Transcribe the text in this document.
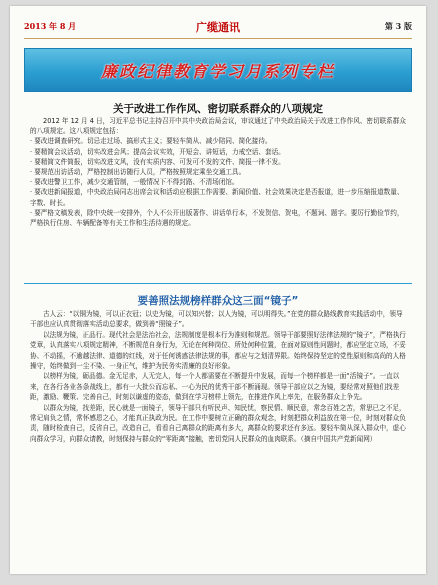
2013 年 8 月	广缆通讯	第 3 版
廉政纪律教育学习月系列专栏
关于改进工作作风、密切联系群众的八项规定

2012 年 12 月 4 日，习近平总书记主持召开中共中央政治局会议，审议通过了中央政治局关于改进工作作风、密切联系群众的八项规定。这八项规定包括：

· 要改进调查研究。切忌走过场、搞形式主义；要轻车简从、减少陪同、简化接待。

· 要精简会议活动，切实改进会风；提高会议实效，开短会、讲短话，力戒空话、套话。

· 要精简文件简报，切实改进文风，没有实质内容、可发可不发的文件、简报一律不发。

· 要规范出访活动，严格控制出访随行人员，严格按照规定乘坐交通工具。

· 要改进警卫工作，减少交通管制，一般情况下不得封路、不清场闭馆。

· 要改进新闻报道，中央政治局同志出席会议和活动应根据工作需要、新闻价值、社会效果决定是否报道，进一步压缩报道数量、字数、时长。

· 要严格文稿发表，除中央统一安排外，个人不公开出版著作、讲话单行本，不发贺信、贺电，不题词、题字。要厉行勤俭节约，严格执行住房、车辆配备等有关工作和生活待遇的规定。

要善照法规榜样群众这三面“镜子”

古人云：“以铜为镜，可以正衣冠；以史为镜，可以知兴替；以人为镜，可以明得失。”在党的群众路线教育实践活动中，领导干部也应认真贯彻落实活动总要求，做到善“照镜子”。

以法规为镜，正品行。现代社会是法治社会，法规制度是根本行为准则和规范。领导干部要照好法律法规的“镜子”，严格执行党章，认真落实八项规定精神，不断规范自身行为，无论在何种岗位、所处何种位置，在面对原则性问题时，都应坚定立场，不妥协、不动摇，不逾越法律、道德的红线，对于任何诱惑法律法规的事，都应与之划清界限。始终保持坚定的党性原则和高尚的人格操守，始终做到一尘不染、一身正气，维护为民务实清廉的良好形象。

以榜样为镜，砺品德。金无足赤，人无完人，每一个人都需要在不断提升中发展，而每一个榜样都是一面“活镜子”。一直以来，在各行各业各条战线上，都有一大批公而忘私、一心为民的优秀干部不断涌现。领导干部应以之为镜，要经常对照他们找差距，激励、鞭策、完善自己，时刻以谦虚的姿态，做到在学习榜样上领先，在推进作风上率先，在服务群众上争先。

以群众为镜，找差距，民心就是一面镜子，领导干部只有听民声、知民忧，察民情、顺民意，常念百姓之苦，常思已之不足，常记肩负之情，常怀感恩之心，才能真正执政为民。在工作中要树立正确的群众观念，时刻把群众利益放在第一位，时刻对群众负责，随时检查自己，反省自己，改造自己，看看自己离群众的距离有多大，离群众的要求还有多远。要轻车简从深入群众中，虚心向群众学习，向群众请教，时刻保持与群众的“零距离”接触，密切党同人民群众的血肉联系。（摘自中国共产党新闻网）
